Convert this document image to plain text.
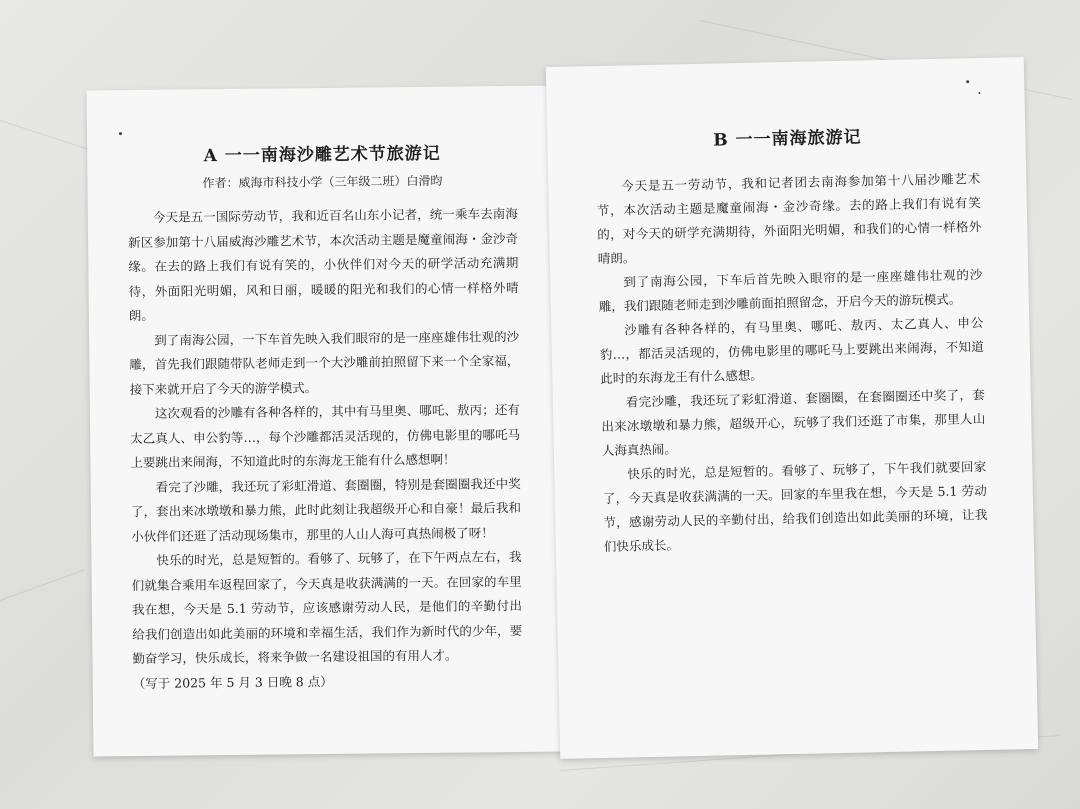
A 一一南海沙雕艺术节旅游记
作者：威海市科技小学（三年级二班）白滑昀

今天是五一国际劳动节，我和近百名山东小记者，统一乘车去南海新区参加第十八届威海沙雕艺术节，本次活动主题是魔童闹海・金沙奇缘。在去的路上我们有说有笑的，小伙伴们对今天的研学活动充满期待，外面阳光明媚，风和日丽，暖暖的阳光和我们的心情一样格外晴朗。

到了南海公园，一下车首先映入我们眼帘的是一座座雄伟壮观的沙雕，首先我们跟随带队老师走到一个大沙雕前拍照留下来一个全家福，接下来就开启了今天的游学模式。

这次观看的沙雕有各种各样的，其中有马里奥、哪吒、敖丙；还有太乙真人、申公豹等…，每个沙雕都活灵活现的，仿佛电影里的哪吒马上要跳出来闹海，不知道此时的东海龙王能有什么感想啊！

看完了沙雕，我还玩了彩虹滑道、套圈圈，特别是套圈圈我还中奖了，套出来冰墩墩和暴力熊，此时此刻让我超级开心和自豪！最后我和小伙伴们还逛了活动现场集市，那里的人山人海可真热闹极了呀！

快乐的时光，总是短暂的。看够了、玩够了，在下午两点左右，我们就集合乘用车返程回家了，今天真是收获满满的一天。在回家的车里我在想，今天是 5.1 劳动节，应该感谢劳动人民，是他们的辛勤付出给我们创造出如此美丽的环境和幸福生活，我们作为新时代的少年，要勤奋学习，快乐成长，将来争做一名建设祖国的有用人才。

（写于 2025 年 5 月 3 日晚 8 点）

B 一一南海旅游记

今天是五一劳动节，我和记者团去南海参加第十八届沙雕艺术节，本次活动主题是魔童闹海・金沙奇缘。去的路上我们有说有笑的，对今天的研学充满期待，外面阳光明媚，和我们的心情一样格外晴朗。

到了南海公园，下车后首先映入眼帘的是一座座雄伟壮观的沙雕，我们跟随老师走到沙雕前面拍照留念，开启今天的游玩模式。

沙雕有各种各样的，有马里奥、哪吒、敖丙、太乙真人、申公豹…，都活灵活现的，仿佛电影里的哪吒马上要跳出来闹海，不知道此时的东海龙王有什么感想。

看完沙雕，我还玩了彩虹滑道、套圈圈，在套圈圈还中奖了，套出来冰墩墩和暴力熊，超级开心，玩够了我们还逛了市集，那里人山人海真热闹。

快乐的时光，总是短暂的。看够了、玩够了，下午我们就要回家了，今天真是收获满满的一天。回家的车里我在想，今天是 5.1 劳动节，感谢劳动人民的辛勤付出，给我们创造出如此美丽的环境，让我们快乐成长。
